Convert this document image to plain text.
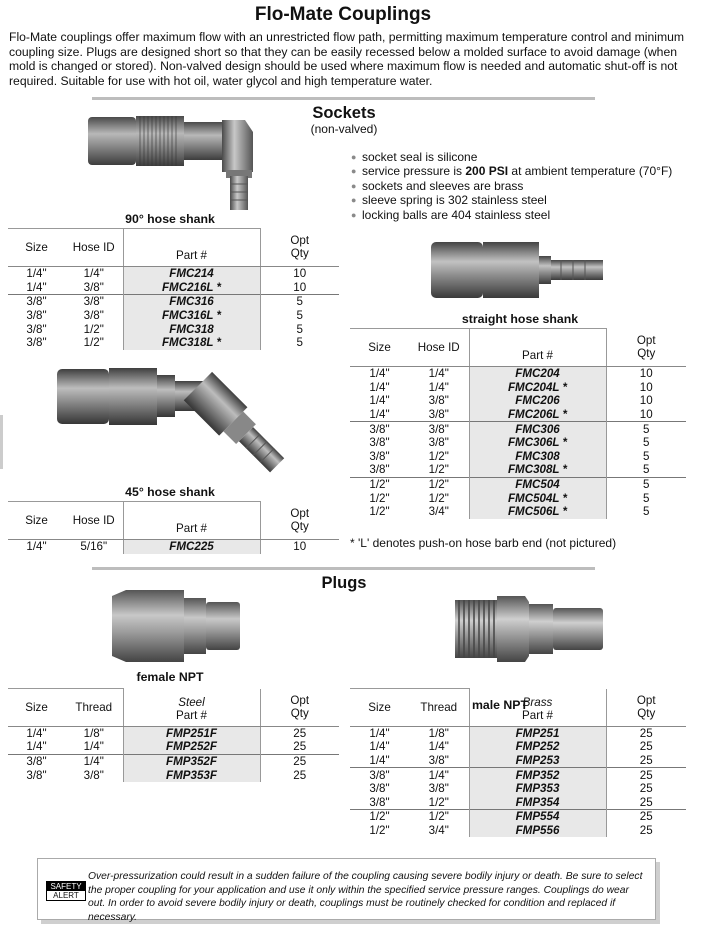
Flo-Mate Couplings

Flo-Mate couplings offer maximum flow with an unrestricted flow path, permitting maximum temperature control and minimum coupling size. Plugs are designed short so that they can be easily recessed below a molded surface to avoid damage (when mold is changed or stored). Non-valved design should be used where maximum flow is needed and automatic shut-off is not required. Suitable for use with hot oil, water glycol and high temperature water.

Sockets
(non-valved)
90° hose shank
Size	Hose ID	Part #	Opt
Qty
1/4"	1/4"	FMC214	10
1/4"	3/8"	FMC216L *	10
3/8"	3/8"	FMC316	5
3/8"	3/8"	FMC316L *	5
3/8"	1/2"	FMC318	5
3/8"	1/2"	FMC318L *	5
45° hose shank
Size	Hose ID	Part #	Opt
Qty
1/4"	5/16"	FMC225	10
● socket seal is silicone
● service pressure is 200 PSI at ambient temperature (70°F)
● sockets and sleeves are brass
● sleeve spring is 302 stainless steel
● locking balls are 404 stainless steel
straight hose shank
Size	Hose ID	Part #	Opt
Qty
1/4"	1/4"	FMC204	10
1/4"	1/4"	FMC204L *	10
1/4"	3/8"	FMC206	10
1/4"	3/8"	FMC206L *	10
3/8"	3/8"	FMC306	5
3/8"	3/8"	FMC306L *	5
3/8"	1/2"	FMC308	5
3/8"	1/2"	FMC308L *	5
1/2"	1/2"	FMC504	5
1/2"	1/2"	FMC504L *	5
1/2"	3/4"	FMC506L *	5
* 'L' denotes push-on hose barb end (not pictured)
Plugs
female NPT
Size	Thread	Steel
Part #	Opt
Qty
1/4"	1/8"	FMP251F	25
1/4"	1/4"	FMP252F	25
3/8"	1/4"	FMP352F	25
3/8"	3/8"	FMP353F	25
male NPT
Size	Thread	Brass
Part #	Opt
Qty
1/4"	1/8"	FMP251	25
1/4"	1/4"	FMP252	25
1/4"	3/8"	FMP253	25
3/8"	1/4"	FMP352	25
3/8"	3/8"	FMP353	25
3/8"	1/2"	FMP354	25
1/2"	1/2"	FMP554	25
1/2"	3/4"	FMP556	25
SAFETY
ALERT
Over-pressurization could result in a sudden failure of the coupling causing severe bodily injury or death. Be sure to select the proper coupling for your application and use it only within the specified service pressure ranges. Couplings do wear out. In order to avoid severe bodily injury or death, couplings must be routinely checked for condition and replaced if necessary.
